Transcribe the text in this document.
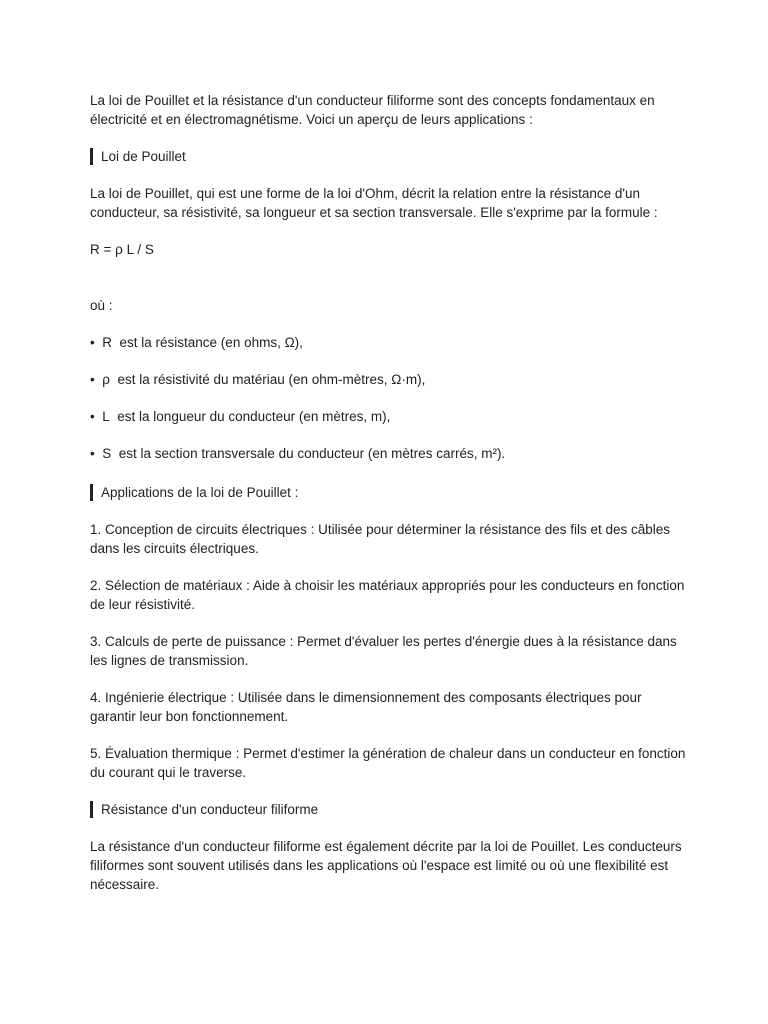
La loi de Pouillet et la résistance d'un conducteur filiforme sont des concepts fondamentaux en électricité et en électromagnétisme. Voici un aperçu de leurs applications :

Loi de Pouillet

La loi de Pouillet, qui est une forme de la loi d'Ohm, décrit la relation entre la résistance d'un conducteur, sa résistivité, sa longueur et sa section transversale. Elle s'exprime par la formule :

R = ρ L / S

où :

• R est la résistance (en ohms, Ω),

• ρ est la résistivité du matériau (en ohm-mètres, Ω·m),

• L est la longueur du conducteur (en mètres, m),

• S est la section transversale du conducteur (en mètres carrés, m²).

Applications de la loi de Pouillet :

1. Conception de circuits électriques : Utilisée pour déterminer la résistance des fils et des câbles dans les circuits électriques.

2. Sélection de matériaux : Aide à choisir les matériaux appropriés pour les conducteurs en fonction de leur résistivité.

3. Calculs de perte de puissance : Permet d'évaluer les pertes d'énergie dues à la résistance dans les lignes de transmission.

4. Ingénierie électrique : Utilisée dans le dimensionnement des composants électriques pour garantir leur bon fonctionnement.

5. Évaluation thermique : Permet d'estimer la génération de chaleur dans un conducteur en fonction du courant qui le traverse.

Résistance d'un conducteur filiforme

La résistance d'un conducteur filiforme est également décrite par la loi de Pouillet. Les conducteurs filiformes sont souvent utilisés dans les applications où l'espace est limité ou où une flexibilité est nécessaire.
